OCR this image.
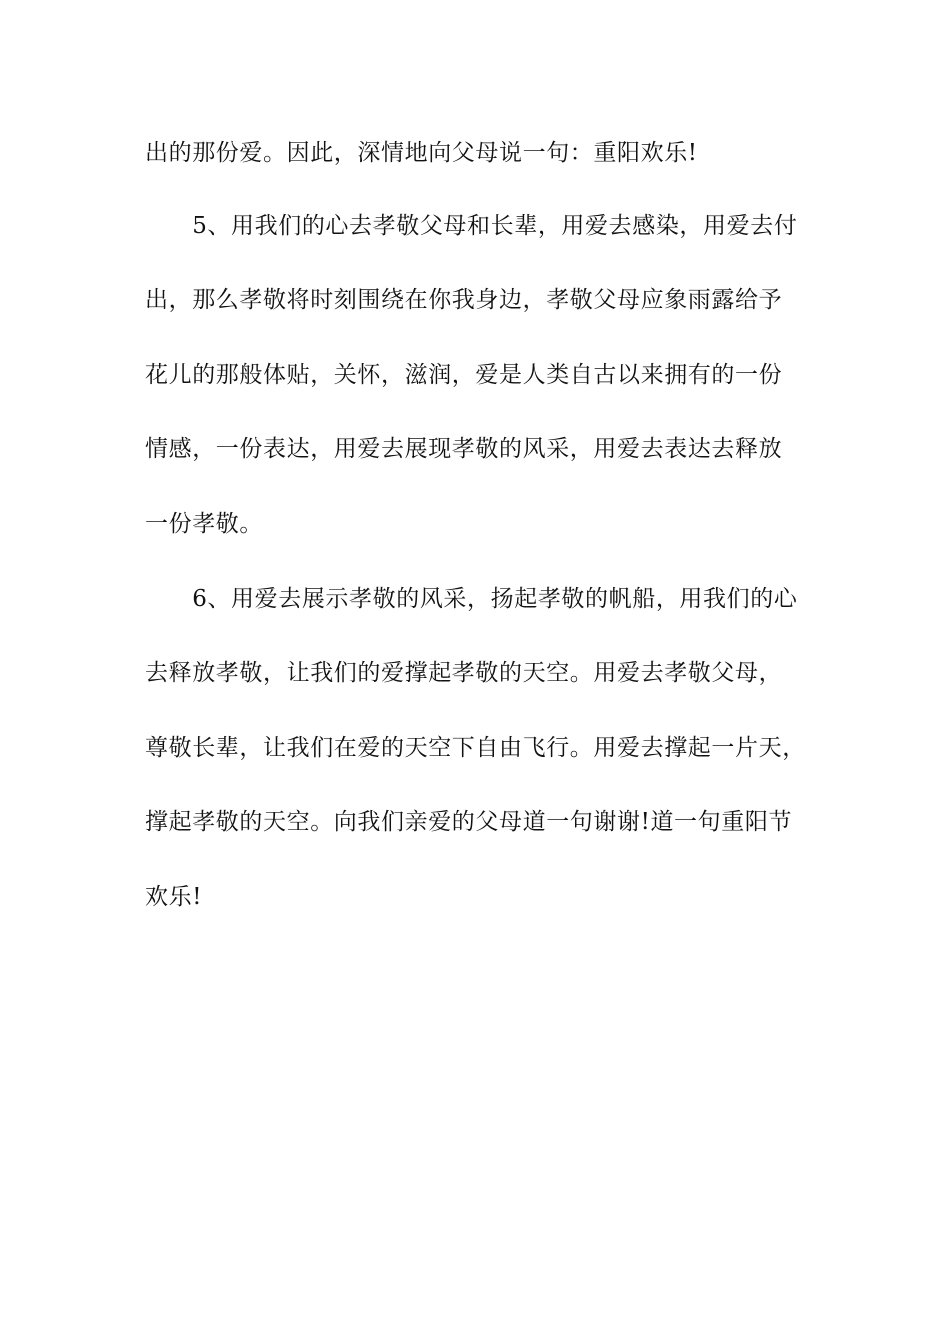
出的那份爱。因此，深情地向父母说一句：重阳欢乐!
　　5、用我们的心去孝敬父母和长辈，用爱去感染，用爱去付
出，那么孝敬将时刻围绕在你我身边，孝敬父母应象雨露给予
花儿的那般体贴，关怀，滋润，爱是人类自古以来拥有的一份
情感，一份表达，用爱去展现孝敬的风采，用爱去表达去释放
一份孝敬。
　　6、用爱去展示孝敬的风采，扬起孝敬的帆船，用我们的心
去释放孝敬，让我们的爱撑起孝敬的天空。用爱去孝敬父母，
尊敬长辈，让我们在爱的天空下自由飞行。用爱去撑起一片天，
撑起孝敬的天空。向我们亲爱的父母道一句谢谢!道一句重阳节
欢乐!
